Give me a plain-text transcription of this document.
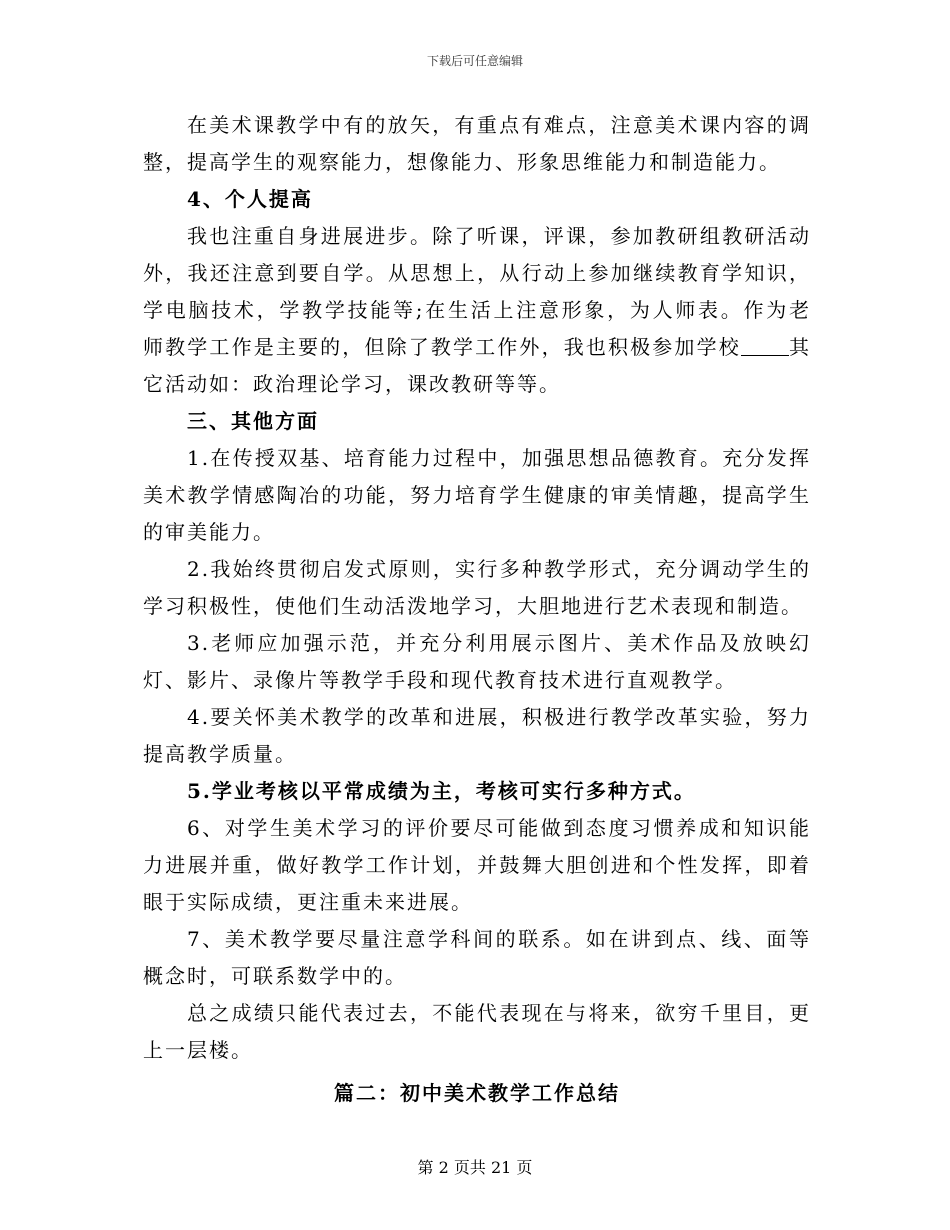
下载后可任意编辑

在美术课教学中有的放矢，有重点有难点，注意美术课内容的调整，提高学生的观察能力，想像能力、形象思维能力和制造能力。

4、个人提高

我也注重自身进展进步。除了听课，评课，参加教研组教研活动外，我还注意到要自学。从思想上，从行动上参加继续教育学知识，学电脑技术，学教学技能等;在生活上注意形象，为人师表。作为老师教学工作是主要的，但除了教学工作外，我也积极参加学校 其它活动如：政治理论学习，课改教研等等。

三、其他方面

1.在传授双基、培育能力过程中，加强思想品德教育。充分发挥美术教学情感陶冶的功能，努力培育学生健康的审美情趣，提高学生的审美能力。

2.我始终贯彻启发式原则，实行多种教学形式，充分调动学生的学习积极性，使他们生动活泼地学习，大胆地进行艺术表现和制造。

3.老师应加强示范，并充分利用展示图片、美术作品及放映幻灯、影片、录像片等教学手段和现代教育技术进行直观教学。

4.要关怀美术教学的改革和进展，积极进行教学改革实验，努力提高教学质量。

5.学业考核以平常成绩为主，考核可实行多种方式。

6、对学生美术学习的评价要尽可能做到态度习惯养成和知识能力进展并重，做好教学工作计划，并鼓舞大胆创进和个性发挥，即着眼于实际成绩，更注重未来进展。

7、美术教学要尽量注意学科间的联系。如在讲到点、线、面等概念时，可联系数学中的。

总之成绩只能代表过去，不能代表现在与将来，欲穷千里目，更上一层楼。

篇二：初中美术教学工作总结

第 2 页共 21 页
